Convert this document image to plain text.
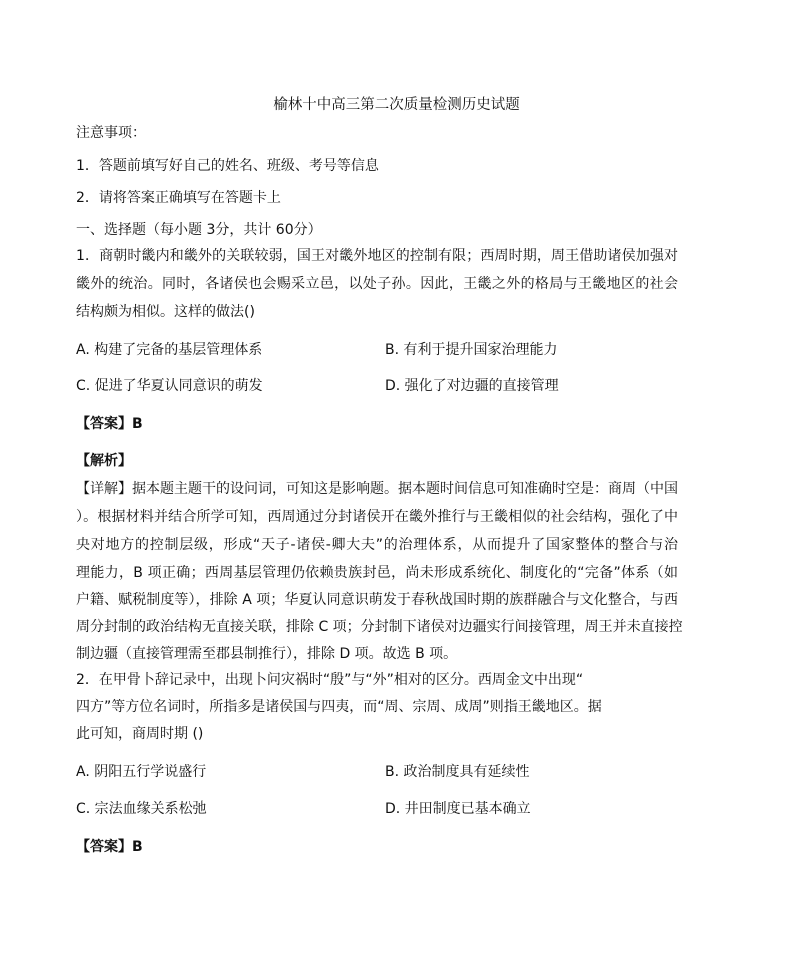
榆林十中高三第二次质量检测历史试题
注意事项：
1．答题前填写好自己的姓名、班级、考号等信息
2．请将答案正确填写在答题卡上
一、选择题（每小题 3分，共计 60分）
1．商朝时畿内和畿外的关联较弱，国王对畿外地区的控制有限；西周时期，周王借助诸侯加强对
畿外的统治。同时，各诸侯也会赐采立邑，以处子孙。因此，王畿之外的格局与王畿地区的社会
结构颇为相似。这样的做法()
A. 构建了完备的基层管理体系	B. 有利于提升国家治理能力
C. 促进了华夏认同意识的萌发	D. 强化了对边疆的直接管理
【答案】B
【解析】
【详解】据本题主题干的设问词，可知这是影响题。据本题时间信息可知准确时空是：商周（中国
）。根据材料并结合所学可知，西周通过分封诸侯开在畿外推行与王畿相似的社会结构，强化了中
央对地方的控制层级，形成“天子-诸侯-卿大夫”的治理体系，从而提升了国家整体的整合与治
理能力，B 项正确；西周基层管理仍依赖贵族封邑，尚未形成系统化、制度化的“完备”体系（如
户籍、赋税制度等），排除 A 项；华夏认同意识萌发于春秋战国时期的族群融合与文化整合，与西
周分封制的政治结构无直接关联，排除 C 项；分封制下诸侯对边疆实行间接管理，周王并未直接控
制边疆（直接管理需至郡县制推行），排除 D 项。故选 B 项。
2．在甲骨卜辞记录中，出现卜问灾祸时“殷”与“外”相对的区分。西周金文中出现“
四方”等方位名词时，所指多是诸侯国与四夷，而“周、宗周、成周”则指王畿地区。据
此可知，商周时期 ()
A. 阴阳五行学说盛行	B. 政治制度具有延续性
C. 宗法血缘关系松弛	D. 井田制度已基本确立
【答案】B
